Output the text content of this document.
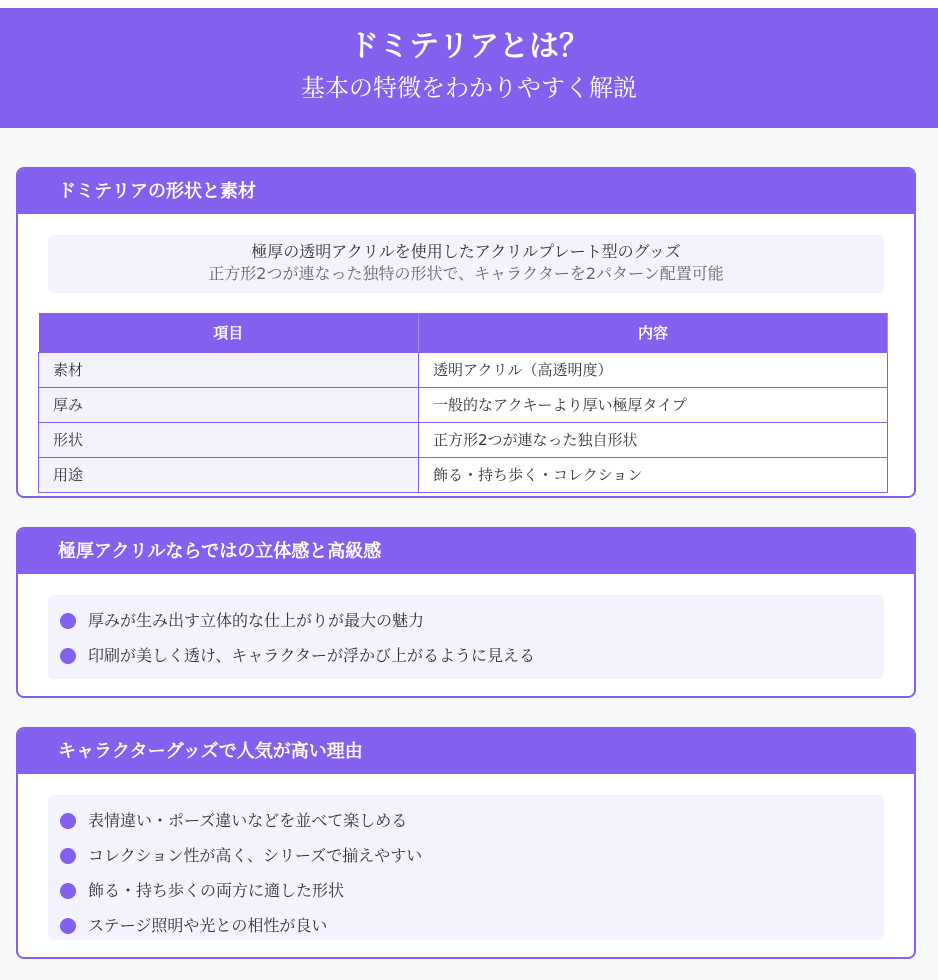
ドミテリアとは？

基本の特徴をわかりやすく解説

ドミテリアの形状と素材
極厚の透明アクリルを使用したアクリルプレート型のグッズ
正方形2つが連なった独特の形状で、キャラクターを2パターン配置可能
項目	内容
素材	透明アクリル（高透明度）
厚み	一般的なアクキーより厚い極厚タイプ
形状	正方形2つが連なった独自形状
用途	飾る・持ち歩く・コレクション
極厚アクリルならではの立体感と高級感
厚みが生み出す立体的な仕上がりが最大の魅力
印刷が美しく透け、キャラクターが浮かび上がるように見える
キャラクターグッズで人気が高い理由
表情違い・ポーズ違いなどを並べて楽しめる
コレクション性が高く、シリーズで揃えやすい
飾る・持ち歩くの両方に適した形状
ステージ照明や光との相性が良い
